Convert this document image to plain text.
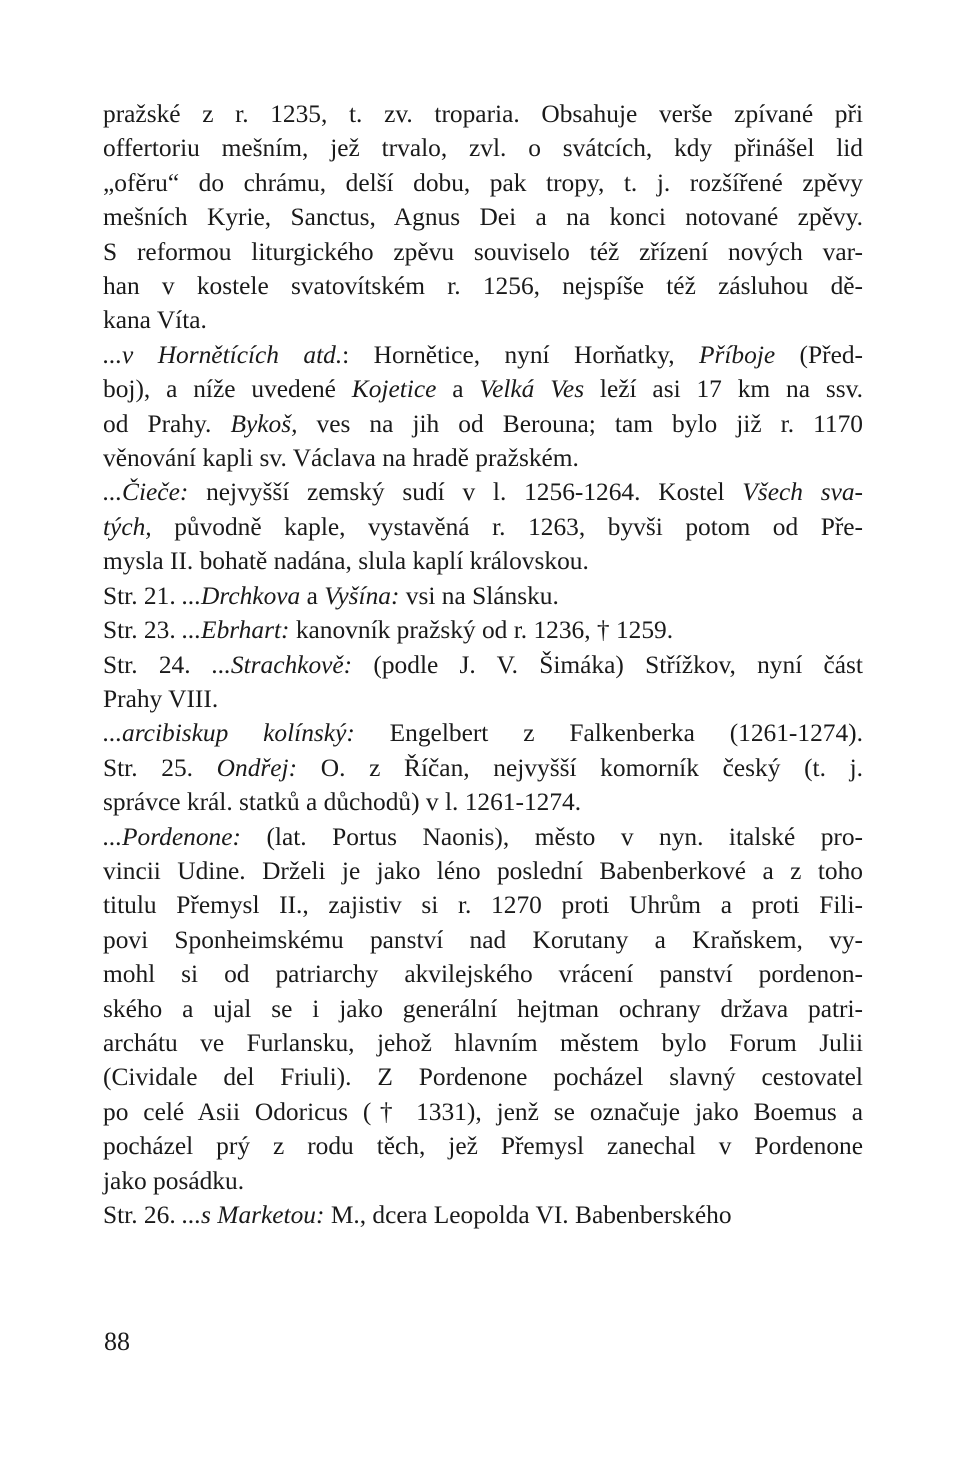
pražské z r. 1235, t. zv. troparia. Obsahuje verše zpívané při
offertoriu mešním, jež trvalo, zvl. o svátcích, kdy přinášel lid
„ofěru“ do chrámu, delší dobu, pak tropy, t. j. rozšířené zpěvy
mešních Kyrie, Sanctus, Agnus Dei a na konci notované zpěvy.
S reformou liturgického zpěvu souviselo též zřízení nových var-
han v kostele svatovítském r. 1256, nejspíše též zásluhou dě-
kana Víta.
...v Hornětících atd.: Hornětice, nyní Horňatky, Příboje (Před-
boj), a níže uvedené Kojetice a Velká Ves leží asi 17 km na ssv.
od Prahy. Bykoš, ves na jih od Berouna; tam bylo již r. 1170
věnování kapli sv. Václava na hradě pražském.
...Čieče: nejvyšší zemský sudí v l. 1256-1264. Kostel Všech sva-
tých, původně kaple, vystavěná r. 1263, byvši potom od Pře-
mysla II. bohatě nadána, slula kaplí královskou.
Str. 21. ...Drchkova a Vyšína: vsi na Slánsku.
Str. 23. ...Ebrhart: kanovník pražský od r. 1236, † 1259.
Str. 24. ...Strachkově: (podle J. V. Šimáka) Střížkov, nyní část
Prahy VIII.
...arcibiskup kolínský: Engelbert z Falkenberka (1261-1274).
Str. 25. Ondřej: O. z Říčan, nejvyšší komorník český (t. j.
správce král. statků a důchodů) v l. 1261-1274.
...Pordenone: (lat. Portus Naonis), město v nyn. italské pro-
vincii Udine. Drželi je jako léno poslední Babenberkové a z toho
titulu Přemysl II., zajistiv si r. 1270 proti Uhrům a proti Fili-
povi Sponheimskému panství nad Korutany a Kraňskem, vy-
mohl si od patriarchy akvilejského vrácení panství pordenon-
ského a ujal se i jako generální hejtman ochrany država patri-
archátu ve Furlansku, jehož hlavním městem bylo Forum Julii
(Cividale del Friuli). Z Pordenone pocházel slavný cestovatel
po celé Asii Odoricus († 1331), jenž se označuje jako Boemus a
pocházel prý z rodu těch, jež Přemysl zanechal v Pordenone
jako posádku.
Str. 26. ...s Marketou: M., dcera Leopolda VI. Babenberského
88
